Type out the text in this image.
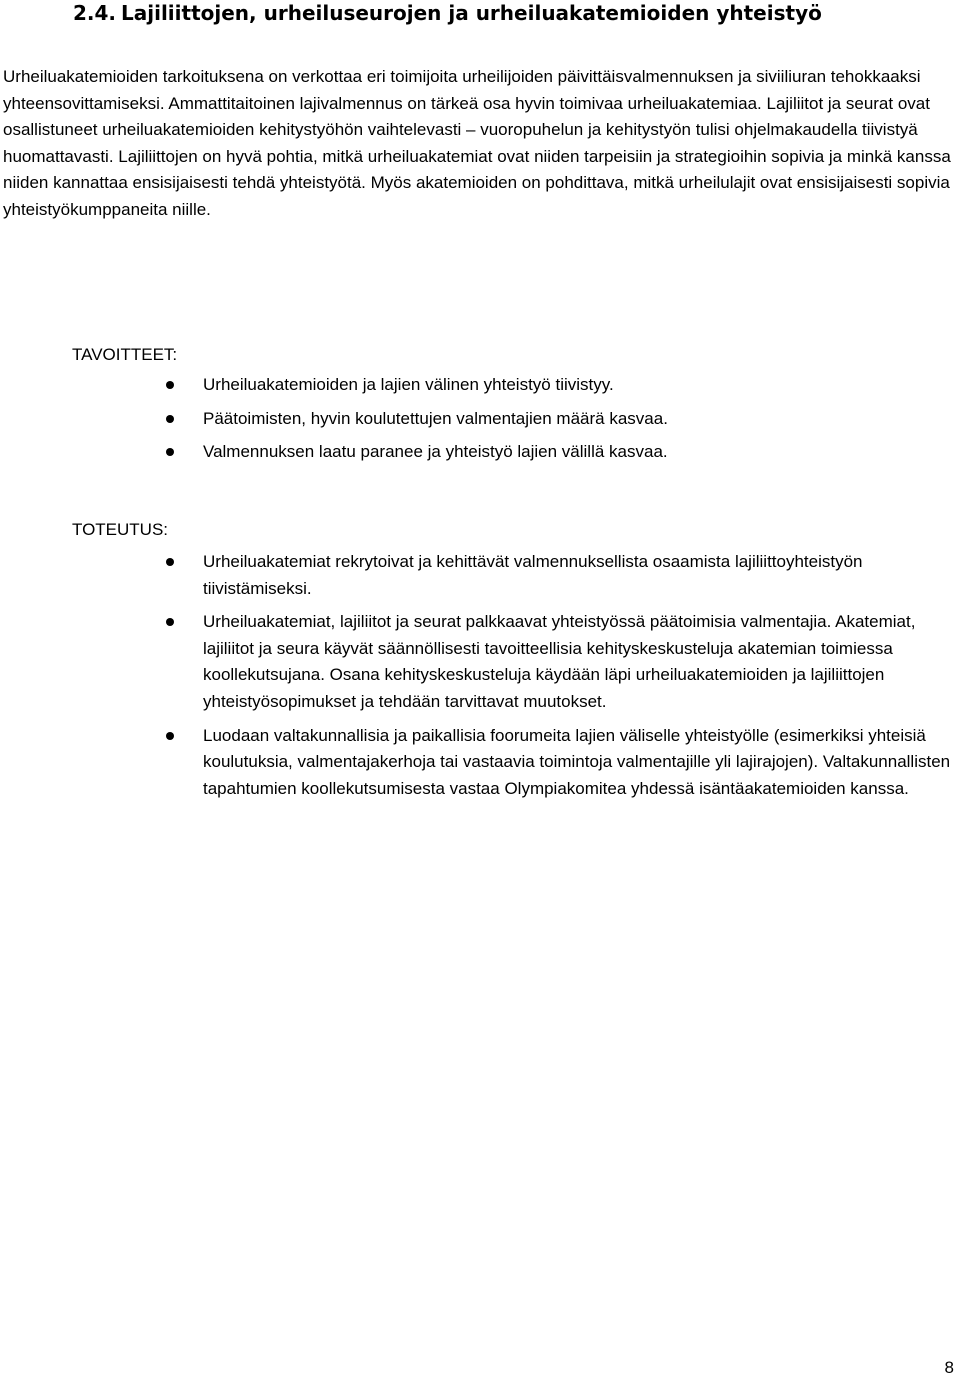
2.4. Lajiliittojen, urheiluseurojen ja urheiluakatemioiden yhteistyö

Urheiluakatemioiden tarkoituksena on verkottaa eri toimijoita urheilijoiden päivittäisvalmennuksen ja siviiliuran tehokkaaksi yhteensovittamiseksi. Ammattitaitoinen lajivalmennus on tärkeä osa hyvin toimivaa urheiluakatemiaa. Lajiliitot ja seurat ovat osallistuneet urheiluakatemioiden kehitystyöhön vaihtelevasti – vuoropuhelun ja kehitystyön tulisi ohjelmakaudella tiivistyä huomattavasti. Lajiliittojen on hyvä pohtia, mitkä urheiluakatemiat ovat niiden tarpeisiin ja strategioihin sopivia ja minkä kanssa niiden kannattaa ensisijaisesti tehdä yhteistyötä. Myös akatemioiden on pohdittava, mitkä urheilulajit ovat ensisijaisesti sopivia yhteistyökumppaneita niille.

TAVOITTEET:

Urheiluakatemioiden ja lajien välinen yhteistyö tiivistyy.
Päätoimisten, hyvin koulutettujen valmentajien määrä kasvaa.
Valmennuksen laatu paranee ja yhteistyö lajien välillä kasvaa.

TOTEUTUS:

Urheiluakatemiat rekrytoivat ja kehittävät valmennuksellista osaamista lajiliittoyhteistyön tiivistämiseksi.
Urheiluakatemiat, lajiliitot ja seurat palkkaavat yhteistyössä päätoimisia valmentajia. Akatemiat, lajiliitot ja seura käyvät säännöllisesti tavoitteellisia kehityskeskusteluja akatemian toimiessa koollekutsujana. Osana kehityskeskusteluja käydään läpi urheiluakatemioiden ja lajiliittojen yhteistyösopimukset ja tehdään tarvittavat muutokset.
Luodaan valtakunnallisia ja paikallisia foorumeita lajien väliselle yhteistyölle (esimerkiksi yhteisiä koulutuksia, valmentajakerhoja tai vastaavia toimintoja valmentajille yli lajirajojen). Valtakunnallisten tapahtumien koollekutsumisesta vastaa Olympiakomitea yhdessä isäntäakatemioiden kanssa.

8
